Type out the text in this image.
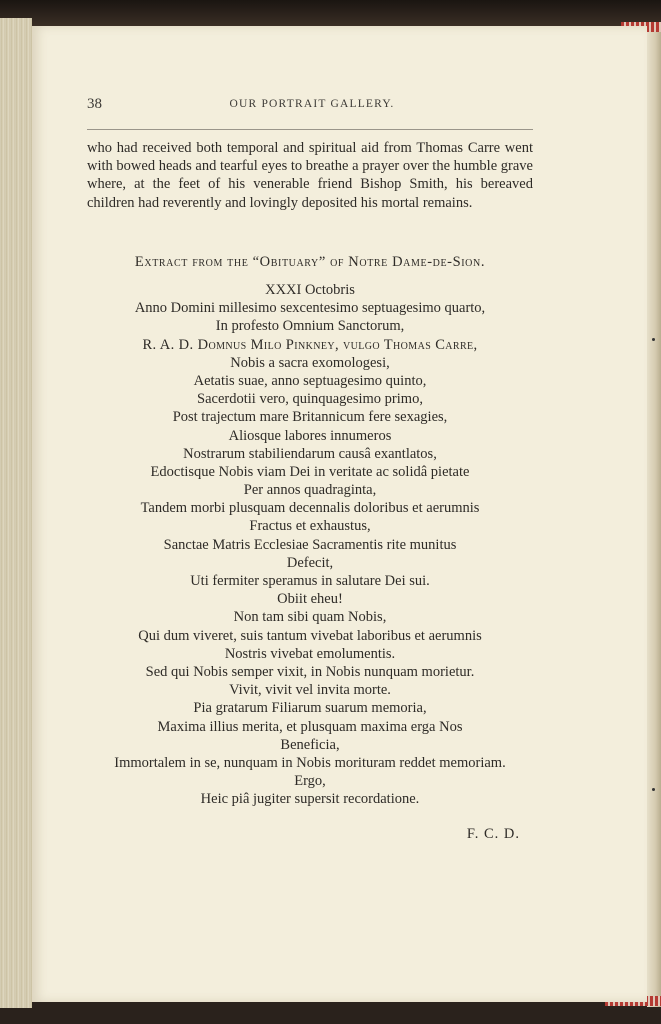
38	OUR PORTRAIT GALLERY.

who had received both temporal and spiritual aid from Thomas Carre went with bowed heads and tearful eyes to breathe a prayer over the humble grave where, at the feet of his venerable friend Bishop Smith, his bereaved children had reverently and lovingly deposited his mortal remains.

Extract from the “Obituary” of Notre Dame-de-Sion.

XXXI Octobris
Anno Domini millesimo sexcentesimo septuagesimo quarto,
In profesto Omnium Sanctorum,
R. A. D. Domnus Milo Pinkney, vulgo Thomas Carre,
Nobis a sacra exomologesi,
Aetatis suae, anno septuagesimo quinto,
Sacerdotii vero, quinquagesimo primo,
Post trajectum mare Britannicum fere sexagies,
Aliosque labores innumeros
Nostrarum stabiliendarum causâ exantlatos,
Edoctisque Nobis viam Dei in veritate ac solidâ pietate
Per annos quadraginta,
Tandem morbi plusquam decennalis doloribus et aerumnis
Fractus et exhaustus,
Sanctae Matris Ecclesiae Sacramentis rite munitus
Defecit,
Uti fermiter speramus in salutare Dei sui.
Obiit eheu!
Non tam sibi quam Nobis,
Qui dum viveret, suis tantum vivebat laboribus et aerumnis
Nostris vivebat emolumentis.
Sed qui Nobis semper vixit, in Nobis nunquam morietur.
Vivit, vivit vel invita morte.
Pia gratarum Filiarum suarum memoria,
Maxima illius merita, et plusquam maxima erga Nos
Beneficia,
Immortalem in se, nunquam in Nobis morituram reddet memoriam.
Ergo,
Heic piâ jugiter supersit recordatione.
F. C. D.
